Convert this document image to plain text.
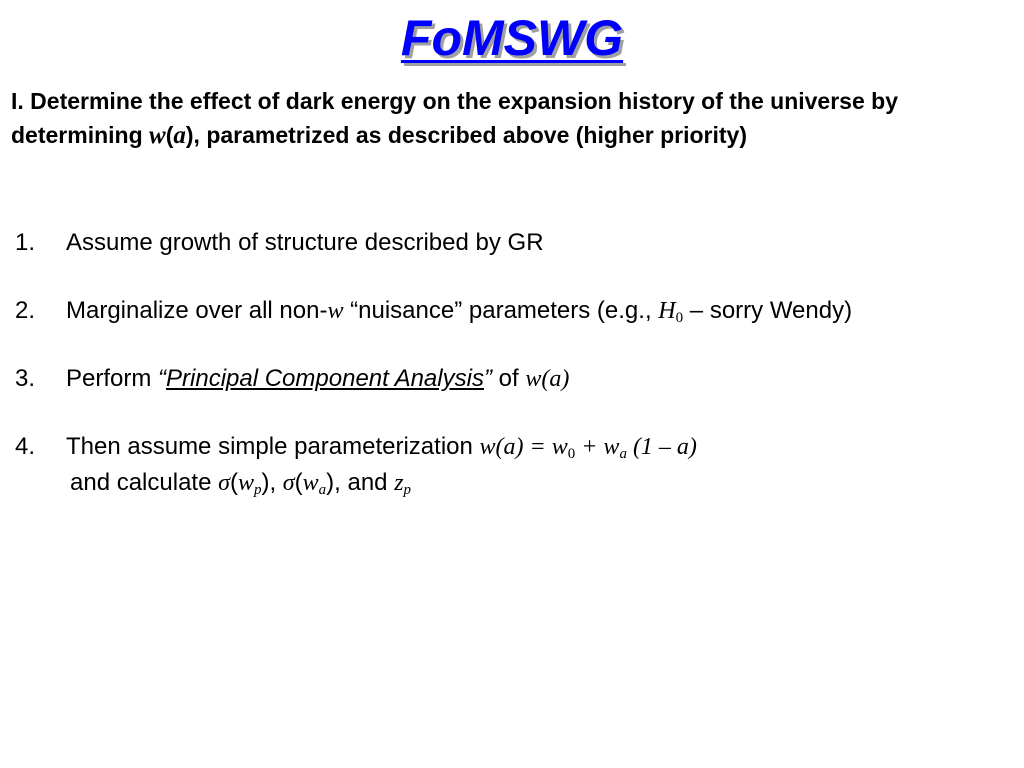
FoMSWG
I. Determine the effect of dark energy on the expansion history of the universe by determining w(a), parametrized as described above (higher priority)
1. Assume growth of structure described by GR
2. Marginalize over all non-w “nuisance” parameters (e.g., $H_0$ – sorry Wendy)
3. Perform “Principal Component Analysis” of w(a)
4. Then assume simple parameterization $w(a) = w_0 + w_a$ (1 – a)
and calculate $\sigma(w_p)$, $\sigma(w_a)$, and $z_p$
